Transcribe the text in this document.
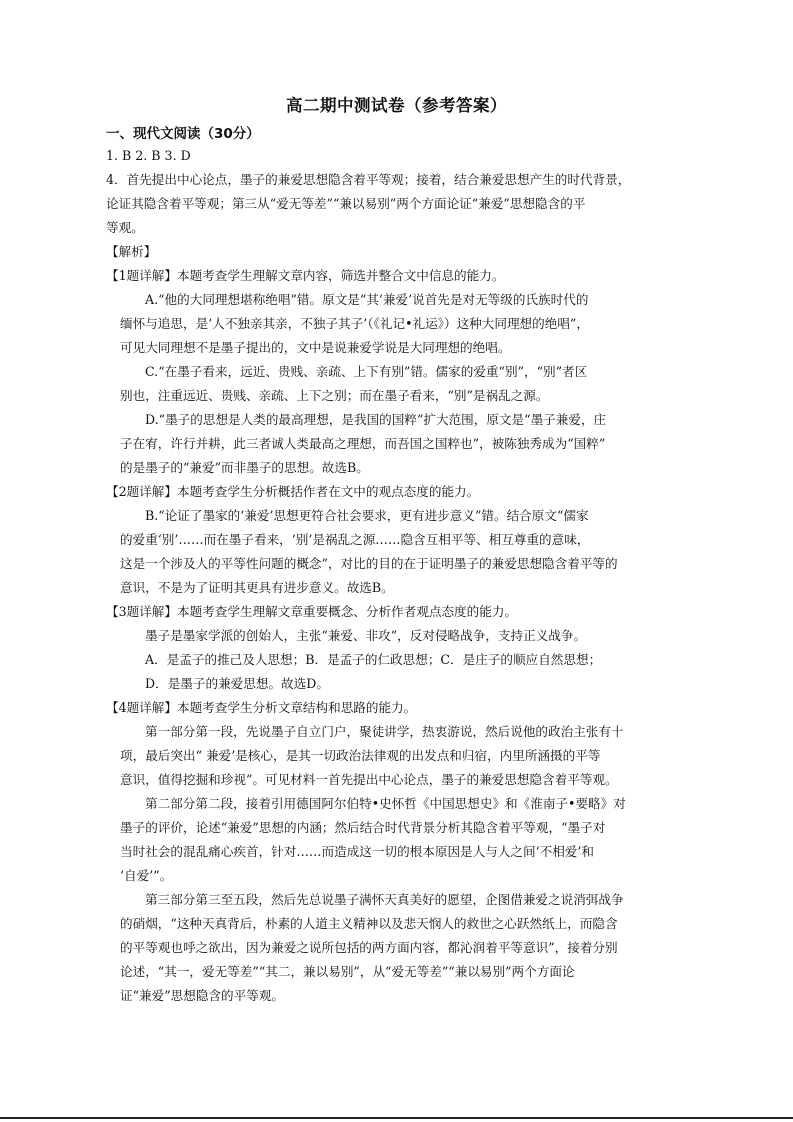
高二期中测试卷（参考答案）
一、现代文阅读（30分）
1. B 2. B 3. D
4．首先提出中心论点，墨子的兼爱思想隐含着平等观；接着，结合兼爱思想产生的时代背景，
论证其隐含着平等观；第三从“爱无等差”“兼以易别”两个方面论证“兼爱”思想隐含的平
等观。
【解析】
【1题详解】本题考查学生理解文章内容，筛选并整合文中信息的能力。
A.“他的大同理想堪称绝唱”错。原文是“其‘兼爱’说首先是对无等级的氏族时代的
缅怀与追思，是‘人不独亲其亲，不独子其子’（《礼记•礼运》）这种大同理想的绝唱”，
可见大同理想不是墨子提出的，文中是说兼爱学说是大同理想的绝唱。
C.“在墨子看来，远近、贵贱、亲疏、上下有别”错。儒家的爱重“别”，“别”者区
别也，注重远近、贵贱、亲疏、上下之别；而在墨子看来，“别”是祸乱之源。
D.“墨子的思想是人类的最高理想，是我国的国粹”扩大范围，原文是“墨子兼爱，庄
子在宥，许行并耕，此三者诚人类最高之理想，而吾国之国粹也”，被陈独秀成为“国粹”
的是墨子的“兼爱”而非墨子的思想。故选B。
【2题详解】本题考查学生分析概括作者在文中的观点态度的能力。
B.“论证了墨家的‘兼爱’思想更符合社会要求，更有进步意义”错。结合原文“儒家
的爱重‘别’……而在墨子看来，‘别’是祸乱之源……隐含互相平等、相互尊重的意味，
这是一个涉及人的平等性问题的概念”，对比的目的在于证明墨子的兼爱思想隐含着平等的
意识，不是为了证明其更具有进步意义。故选B。
【3题详解】本题考查学生理解文章重要概念、分析作者观点态度的能力。
墨子是墨家学派的创始人，主张“兼爱、非攻”，反对侵略战争，支持正义战争。
A．是孟子的推己及人思想；B．是孟子的仁政思想；C．是庄子的顺应自然思想；
D．是墨子的兼爱思想。故选D。
【4题详解】本题考查学生分析文章结构和思路的能力。
第一部分第一段，先说墨子自立门户，聚徒讲学，热衷游说，然后说他的政治主张有十
项，最后突出“ 兼爱’是核心，是其一切政治法律观的出发点和归宿，内里所涵摄的平等
意识，值得挖掘和珍视”。可见材料一首先提出中心论点，墨子的兼爱思想隐含着平等观。
第二部分第二段，接着引用德国阿尔伯特•史怀哲《中国思想史》和《淮南子•要略》对
墨子的评价，论述“兼爱”思想的内涵；然后结合时代背景分析其隐含着平等观，“墨子对
当时社会的混乱痛心疾首，针对……而造成这一切的根本原因是人与人之间‘不相爱’和
‘自爱’”。
第三部分第三至五段，然后先总说墨子满怀天真美好的愿望，企图借兼爱之说消弭战争
的硝烟，“这种天真背后，朴素的人道主义精神以及悲天悯人的救世之心跃然纸上，而隐含
的平等观也呼之欲出，因为兼爱之说所包括的两方面内容，都沁润着平等意识”，接着分别
论述，“其一，爱无等差”“其二，兼以易别”，从“爱无等差”“兼以易别”两个方面论
证“兼爱”思想隐含的平等观。
